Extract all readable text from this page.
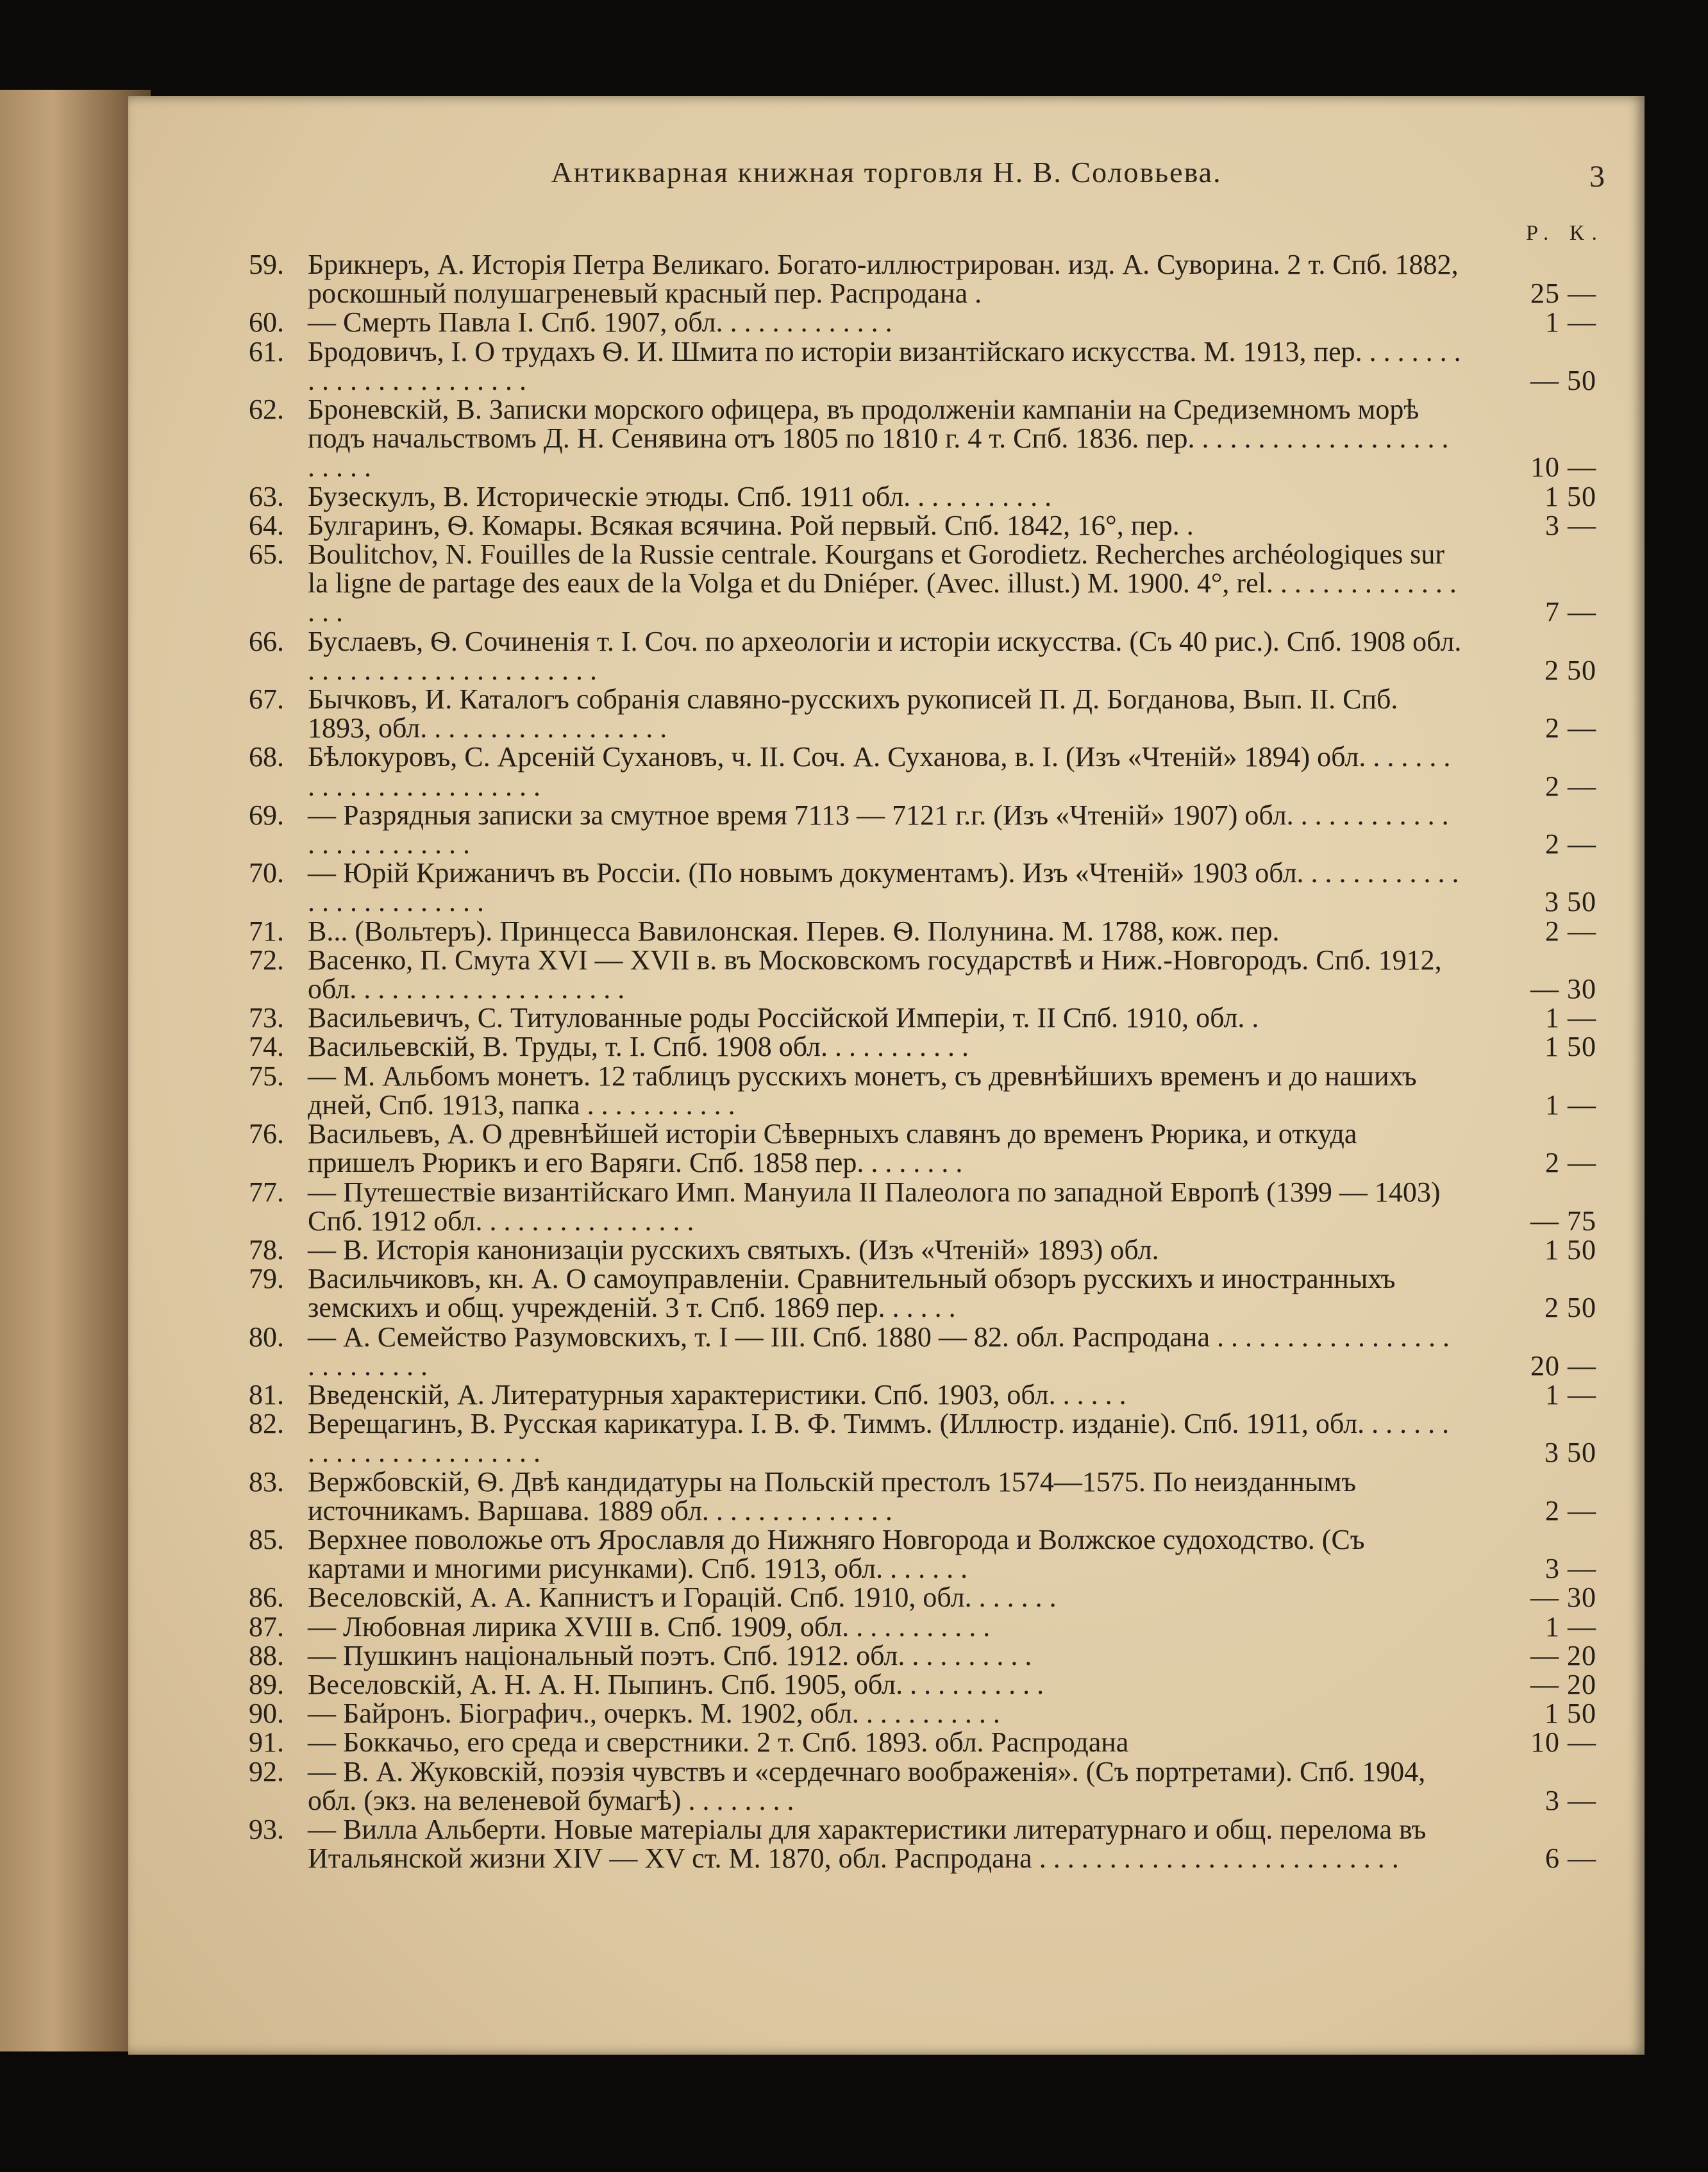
Антикварная книжная торговля Н. В. Соловьева.	3
Р. К.
59. Брикнеръ, А. Исторія Петра Великаго. Богато-иллюстрирован. изд. А. Суворина. 2 т. Спб. 1882, роскошный полушагреневый красный пер. Распродана .	25 —
60. — Смерть Павла I. Спб. 1907, обл. . . . . . . . . . . . .	1 —
61. Бродовичъ, I. О трудахъ Ѳ. И. Шмита по исторіи византійскаго искусства. М. 1913, пер. . . . . . . . . . . . . . . . . . . . . . . .	— 50
62. Броневскій, В. Записки морского офицера, въ продолженіи кампаніи на Средиземномъ морѣ подъ начальствомъ Д. Н. Сенявина отъ 1805 по 1810 г. 4 т. Спб. 1836. пер. . . . . . . . . . . . . . . . . . . . . . . .	10 —
63. Бузескулъ, В. Историческіе этюды. Спб. 1911 обл. . . . . . . . . . .	1 50
64. Булгаринъ, Ѳ. Комары. Всякая всячина. Рой первый. Спб. 1842, 16°, пер. .	3 —
65. Boulitchov, N. Fouilles de la Russie centrale. Kourgans et Gorodietz. Recherches archéologiques sur la ligne de partage des eaux de la Volga et du Dniéper. (Avec. illust.) M. 1900. 4°, rel. . . . . . . . . . . . . . . . .	7 —
66. Буслаевъ, Ѳ. Сочиненія т. I. Соч. по археологіи и исторіи искусства. (Съ 40 рис.). Спб. 1908 обл. . . . . . . . . . . . . . . . . . . . . .	2 50
67. Бычковъ, И. Каталогъ собранія славяно-русскихъ рукописей П. Д. Богданова, Вып. II. Спб. 1893, обл. . . . . . . . . . . . . . . . . .	2 —
68. Бѣлокуровъ, С. Арсеній Сухановъ, ч. II. Соч. А. Суханова, в. I. (Изъ «Чтеній» 1894) обл. . . . . . . . . . . . . . . . . . . . . . . .	2 —
69. — Разрядныя записки за смутное время 7113 — 7121 г.г. (Изъ «Чтеній» 1907) обл. . . . . . . . . . . . . . . . . . . . . . . .	2 —
70. — Юрій Крижаничъ въ Россіи. (По новымъ документамъ). Изъ «Чтеній» 1903 обл. . . . . . . . . . . . . . . . . . . . . . . . .	3 50
71. В... (Вольтеръ). Принцесса Вавилонская. Перев. Ѳ. Полунина. М. 1788, кож. пер.	2 —
72. Васенко, П. Смута XVI — XVII в. въ Московскомъ государствѣ и Ниж.-Новгородъ. Спб. 1912, обл. . . . . . . . . . . . . . . . . . . .	— 30
73. Васильевичъ, С. Титулованные роды Россійской Имперіи, т. II Спб. 1910, обл. .	1 —
74. Васильевскій, В. Труды, т. I. Спб. 1908 обл. . . . . . . . . . .	1 50
75. — М. Альбомъ монетъ. 12 таблицъ русскихъ монетъ, съ древнѣйшихъ временъ и до нашихъ дней, Спб. 1913, папка . . . . . . . . . . .	1 —
76. Васильевъ, А. О древнѣйшей исторіи Сѣверныхъ славянъ до временъ Рюрика, и откуда пришелъ Рюрикъ и его Варяги. Спб. 1858 пер. . . . . . . .	2 —
77. — Путешествіе византійскаго Имп. Мануила II Палеолога по западной Европѣ (1399 — 1403) Спб. 1912 обл. . . . . . . . . . . . . . . .	— 75
78. — В. Исторія канонизаціи русскихъ святыхъ. (Изъ «Чтеній» 1893) обл.	1 50
79. Васильчиковъ, кн. А. О самоуправленіи. Сравнительный обзоръ русскихъ и иностранныхъ земскихъ и общ. учрежденій. 3 т. Спб. 1869 пер. . . . . .	2 50
80. — А. Семейство Разумовскихъ, т. I — III. Спб. 1880 — 82. обл. Распродана . . . . . . . . . . . . . . . . . . . . . . . . . .	20 —
81. Введенскій, А. Литературныя характеристики. Спб. 1903, обл. . . . . .	1 —
82. Верещагинъ, В. Русская карикатура. I. В. Ф. Тиммъ. (Иллюстр. изданіе). Спб. 1911, обл. . . . . . . . . . . . . . . . . . . . . . . .	3 50
83. Вержбовскій, Ѳ. Двѣ кандидатуры на Польскій престолъ 1574—1575. По неизданнымъ источникамъ. Варшава. 1889 обл. . . . . . . . . . . . . .	2 —
85. Верхнее поволожье отъ Ярославля до Нижняго Новгорода и Волжское судоходство. (Съ картами и многими рисунками). Спб. 1913, обл. . . . . . .	3 —
86. Веселовскій, А. А. Капнистъ и Горацій. Спб. 1910, обл. . . . . . .	— 30
87. — Любовная лирика XVIII в. Спб. 1909, обл. . . . . . . . . . .	1 —
88. — Пушкинъ національный поэтъ. Спб. 1912. обл. . . . . . . . . .	— 20
89. Веселовскій, А. Н. А. Н. Пыпинъ. Спб. 1905, обл. . . . . . . . . . .	— 20
90. — Байронъ. Біографич., очеркъ. М. 1902, обл. . . . . . . . . . .	1 50
91. — Боккачьо, его среда и сверстники. 2 т. Спб. 1893. обл. Распродана	10 —
92. — В. А. Жуковскій, поэзія чувствъ и «сердечнаго воображенія». (Съ портретами). Спб. 1904, обл. (экз. на веленевой бумагѣ) . . . . . . . .	3 —
93. — Вилла Альберти. Новые матеріалы для характеристики литературнаго и общ. перелома въ Итальянской жизни XIV — XV ст. М. 1870, обл. Распродана . . . . . . . . . . . . . . . . . . . . . . . . . .	6 —
